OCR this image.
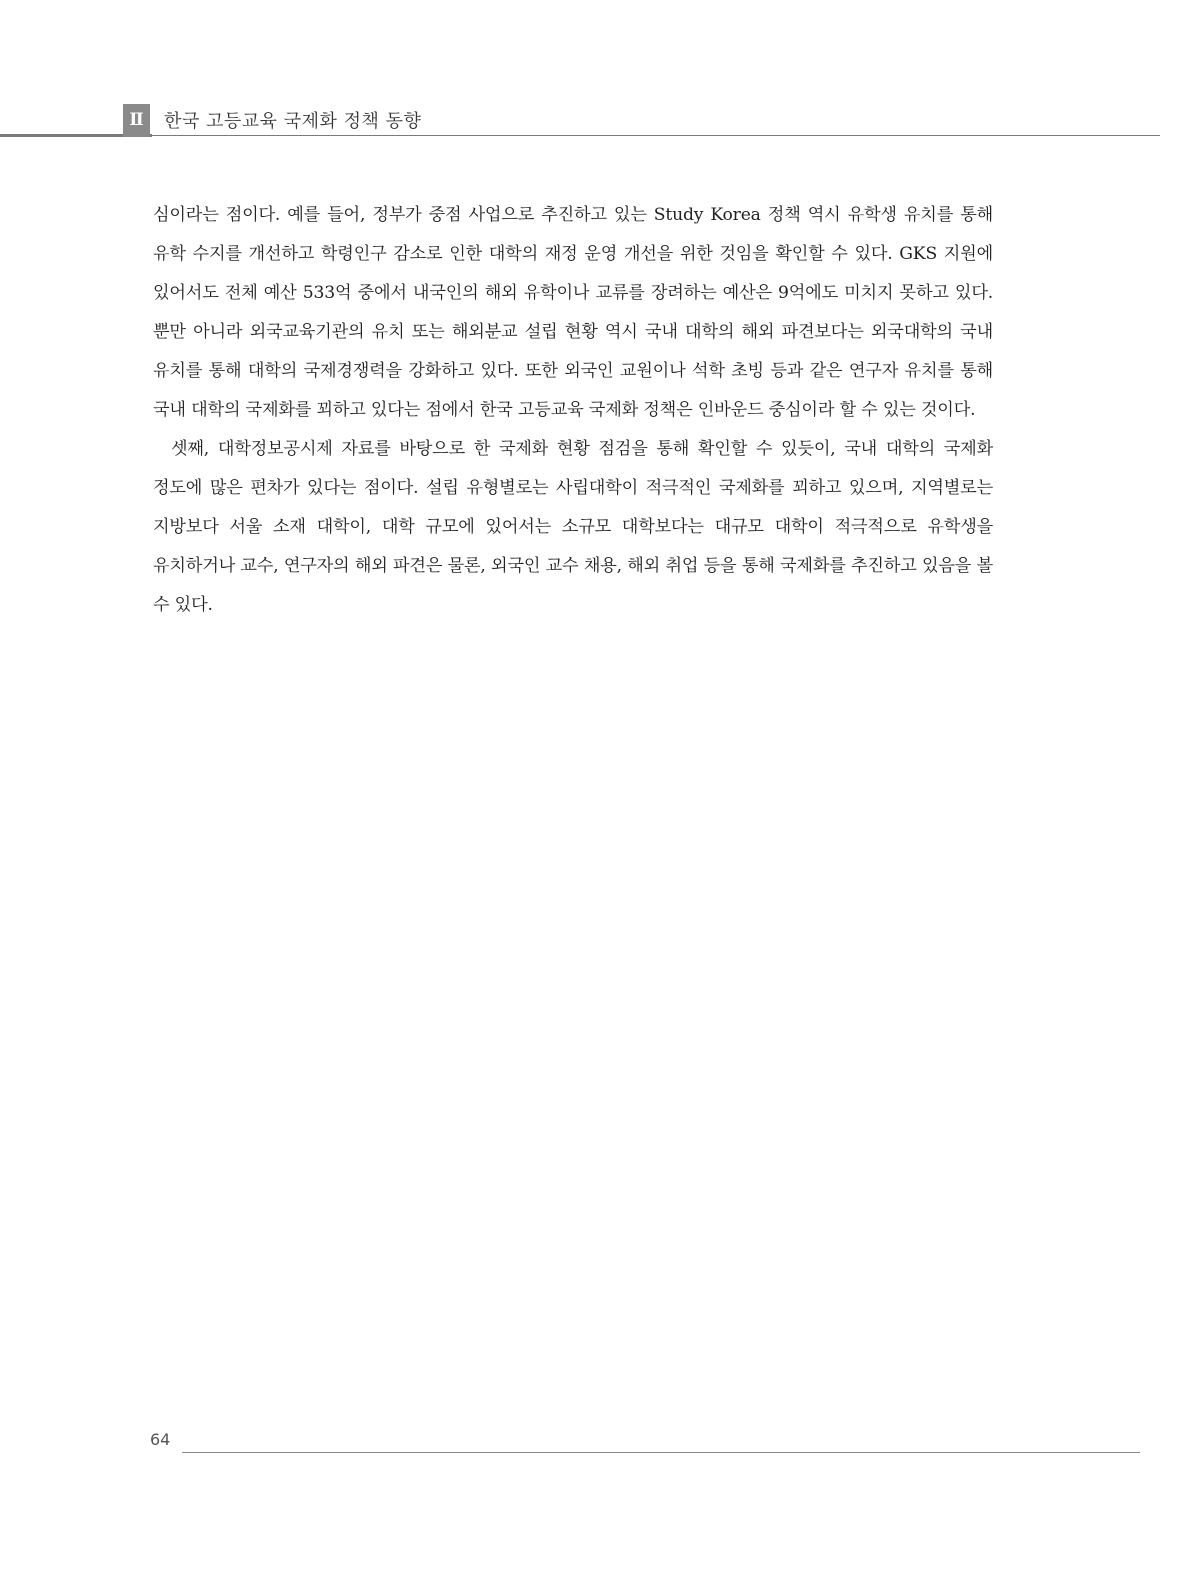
Ⅱ	한국 고등교육 국제화 정책 동향

심이라는 점이다. 예를 들어, 정부가 중점 사업으로 추진하고 있는 Study Korea 정책 역시 유학생 유치를 통해 유학 수지를 개선하고 학령인구 감소로 인한 대학의 재정 운영 개선을 위한 것임을 확인할 수 있다. GKS 지원에 있어서도 전체 예산 533억 중에서 내국인의 해외 유학이나 교류를 장려하는 예산은 9억에도 미치지 못하고 있다. 뿐만 아니라 외국교육기관의 유치 또는 해외분교 설립 현황 역시 국내 대학의 해외 파견보다는 외국대학의 국내 유치를 통해 대학의 국제경쟁력을 강화하고 있다. 또한 외국인 교원이나 석학 초빙 등과 같은 연구자 유치를 통해 국내 대학의 국제화를 꾀하고 있다는 점에서 한국 고등교육 국제화 정책은 인바운드 중심이라 할 수 있는 것이다.

셋째, 대학정보공시제 자료를 바탕으로 한 국제화 현황 점검을 통해 확인할 수 있듯이, 국내 대학의 국제화 정도에 많은 편차가 있다는 점이다. 설립 유형별로는 사립대학이 적극적인 국제화를 꾀하고 있으며, 지역별로는 지방보다 서울 소재 대학이, 대학 규모에 있어서는 소규모 대학보다는 대규모 대학이 적극적으로 유학생을 유치하거나 교수, 연구자의 해외 파견은 물론, 외국인 교수 채용, 해외 취업 등을 통해 국제화를 추진하고 있음을 볼 수 있다.

64
